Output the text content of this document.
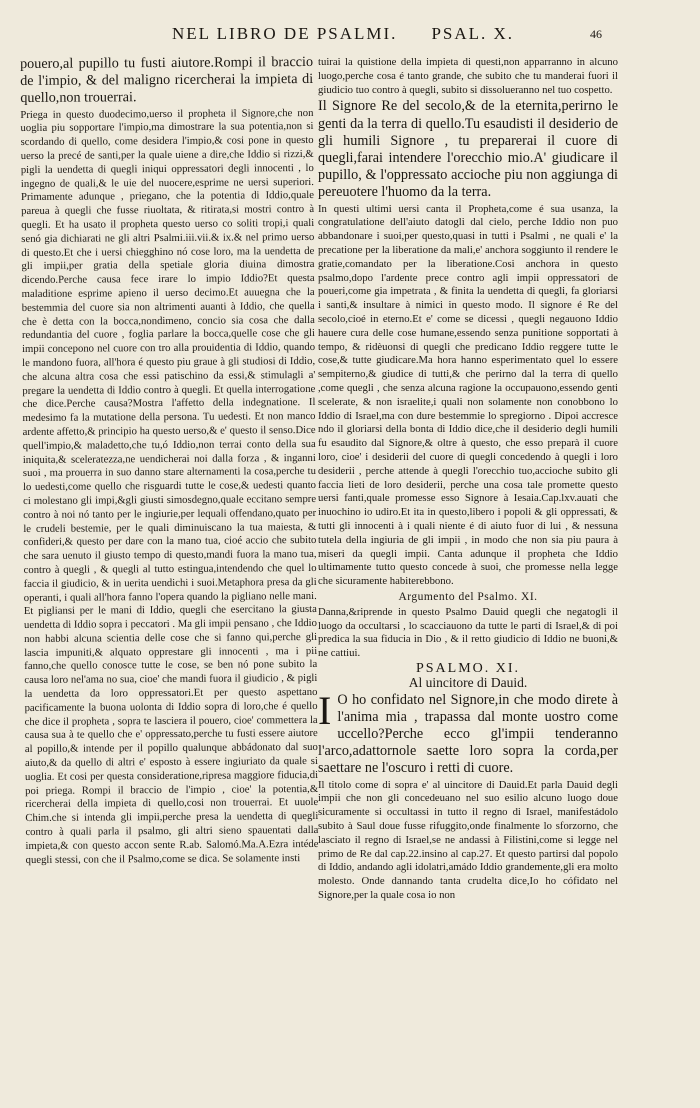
NEL LIBRO DE PSALMI. PSAL. X.	46

pouero,al pupillo tu fusti aiutore.Rompi il braccio de l'impio, & del maligno ricercherai la impieta di quello,non trouerrai.

Priega in questo duodecimo,uerso il propheta il Signore,che non uoglia piu sopportare l'impio,ma dimostrare la sua potentia,non si scordando di quello, come desidera l'impio,& cosi pone in questo uerso la precé de santi,per la quale uiene a dire,che Iddio si rizzi,& pigli la uendetta di quegli iniqui oppressatori degli innocenti , lo ingegno de quali,& le uie del nuocere,esprime ne uersi superiori. Primamente adunque , priegano, che la potentia di Iddio,quale pareua à quegli che fusse riuoltata, & ritirata,si mostri contro à quegli. Et ha usato il propheta questo uerso co soliti tropi,i quali senó gia dichiarati ne gli altri Psalmi.iii.vii.& ix.& nel primo uerso di questo.Et che i uersi chiegghino nó cose loro, ma la uendetta de gli impii,per gratia della spetiale gloria diuina dimostra dicendo.Perche causa fece irare lo impio Iddio?Et questa maladitione esprime apieno il uerso decimo.Et auuegna che la bestemmia del cuore sia non altrimenti auanti à Iddio, che quella che è detta con la bocca,nondimeno, concio sia cosa che dalla redundantia del cuore , foglia parlare la bocca,quelle cose che gli impii concepono nel cuore con tro alla prouidentia di Iddio, quando le mandono fuora, all'hora é questo piu graue à gli studiosi di Iddio, che alcuna altra cosa che essi patischino da essi,& stimulagli a' pregare la uendetta di Iddio contro à quegli. Et quella interrogatione che dice.Perche causa?Mostra l'affetto della indegnatione. Il medesimo fa la mutatione della persona. Tu uedesti. Et non manco ardente affetto,& principio ha questo uerso,& e' questo il senso.Dice quell'impio,& maladetto,che tu,ó Iddio,non terrai conto della sua iniquita,& sceleratezza,ne uendicherai noi dalla forza , & inganni suoi , ma prouerra in suo danno stare alternamenti la cosa,perche tu lo uedesti,come quello che risguardi tutte le cose,& uedesti quanto ci molestano gli impi,&gli giusti simosdegno,quale eccitano sempre contro à noi nó tanto per le ingiurie,per lequali offendano,quato per le crudeli bestemie, per le quali diminuiscano la tua maiesta, & confideri,& questo per dare con la mano tua, cioé accio che subito che sara uenuto il giusto tempo di questo,mandi fuora la mano tua, contro à quegli , & quegli al tutto estingua,intendendo che quel lo faccia il giudicio, & in uerita uendichi i suoi.Metaphora presa da gli operanti, i quali all'hora fanno l'opera quando la pigliano nelle mani. Et pigliansi per le mani di Iddio, quegli che esercitano la giusta uendetta di Iddio sopra i peccatori . Ma gli impii pensano , che Iddio non habbi alcuna scientia delle cose che si fanno qui,perche gli lascia impuniti,& alquato opprestare gli innocenti , ma i pii fanno,che quello conosce tutte le cose, se ben nó pone subito la causa loro nel'ama no sua, cioe' che mandi fuora il giudicio , & pigli la uendetta da loro oppressatori.Et per questo aspettano pacificamente la buona uolonta di Iddio sopra di loro,che é quello che dice il propheta , sopra te lasciera il pouero, cioe' commettera la causa sua à te quello che e' oppressato,perche tu fusti essere aiutore al popillo,& intende per il popillo qualunque abbádonato dal suo aiuto,& da quello di altri e' esposto à essere ingiuriato da quale si uoglia. Et cosi per questa consideratione,ripresa maggiore fiducia,di poi priega. Rompi il braccio de l'impio , cioe' la potentia,& ricercherai della impieta di quello,cosi non trouerrai. Et uuole Chim.che si intenda gli impii,perche presa la uendetta di quegli contro à quali parla il psalmo, gli altri sieno spauentati dalla impieta,& con questo accon sente R.ab. Salomó.Ma.A.Ezra intéde quegli stessi, con che il Psalmo,come se dica. Se solamente insti

tuirai la quistione della impieta di questi,non apparranno in alcuno luogo,perche cosa é tanto grande, che subito che tu manderai fuori il giudicio tuo contro à quegli, subito si dissolueranno nel tuo cospetto.

Il Signore Re del secolo,& de la eternita,perirno le genti da la terra di quello.Tu esaudisti il desiderio de gli humili Signore , tu preparerai il cuore di quegli,farai intendere l'orecchio mio.A' giudicare il pupillo, & l'oppressato accioche piu non aggiunga di pereuotere l'huomo da la terra.

In questi ultimi uersi canta il Propheta,come é sua usanza, la congratulatione dell'aiuto datogli dal cielo, perche Iddio non puo abbandonare i suoi,per questo,quasi in tutti i Psalmi , ne quali e' la precatione per la liberatione da mali,e' anchora soggiunto il rendere le gratie,comandato per la liberatione.Cosi anchora in questo psalmo,dopo l'ardente prece contro agli impii oppressatori de poueri,come gia impetrata , & finita la uendetta di quegli, fa gloriarsi i santi,& insultare à nimici in questo modo. Il signore é Re del secolo,cioé in eterno.Et e' come se dicessi , quegli negauono Iddio hauere cura delle cose humane,essendo senza punitione sopportati à tempo, & ridèuonsi di quegli che predicano Iddio reggere tutte le cose,& tutte giudicare.Ma hora hanno esperimentato quel lo essere sempiterno,& giudice di tutti,& che perirno dal la terra di quello ,come quegli , che senza alcuna ragione la occupauono,essendo genti scelerate, & non israelite,i quali non solamente non conobbono lo Iddio di Israel,ma con dure bestemmie lo spregiorno . Dipoi accresce ndo il gloriarsi della bonta di Iddio dice,che il desiderio degli humili fu esaudito dal Signore,& oltre à questo, che esso preparà il cuore loro, cioe' i desiderii del cuore di quegli concedendo à quegli i loro desiderii , perche attende à quegli l'orecchio tuo,accioche subito gli faccia lieti de loro desiderii, perche una cosa tale promette questo uersi fanti,quale promesse esso Signore à Iesaia.Cap.lxv.auati che inuochino io udiro.Et ita in questo,libero i popoli & gli oppressati, & tutti gli innocenti à i quali niente é di aiuto fuor di lui , & nessuna tutela della ingiuria de gli impii , in modo che non sia piu paura à miseri da quegli impii. Canta adunque il propheta che Iddio ultimamente tutto questo concede à suoi, che promesse nella legge che sicuramente habiterebbono.

Argumento del Psalmo. XI.

Danna,&riprende in questo Psalmo Dauid quegli che negatogli il luogo da occultarsi , lo scacciauono da tutte le parti di Israel,& di poi predica la sua fiducia in Dio , & il retto giudicio di Iddio ne buoni,& ne cattiui.

PSALMO. XI.

Al uincitore di Dauid.

I O ho confidato nel Signore,in che modo direte à l'anima mia , trapassa dal monte uostro come uccello?Perche ecco gl'impii tenderanno l'arco,adattornole saette loro sopra la corda,per saettare ne l'oscuro i retti di cuore.

Il titolo come di sopra e' al uincitore di Dauid.Et parla Dauid degli impii che non gli concedeuano nel suo esilio alcuno luogo doue sicuramente si occultassi in tutto il regno di Israel, manifestádolo subito à Saul doue fusse rifuggito,onde finalmente lo sforzorno, che lasciato il regno di Israel,se ne andassi à Filistini,come si legge nel primo de Re dal cap.22.insino al cap.27. Et questo partirsi dal popolo di Iddio, andando agli idolatri,amádo Iddio grandemente,gli era molto molesto. Onde dannando tanta crudelta dice,Io ho cófidato nel Signore,per la quale cosa io non
